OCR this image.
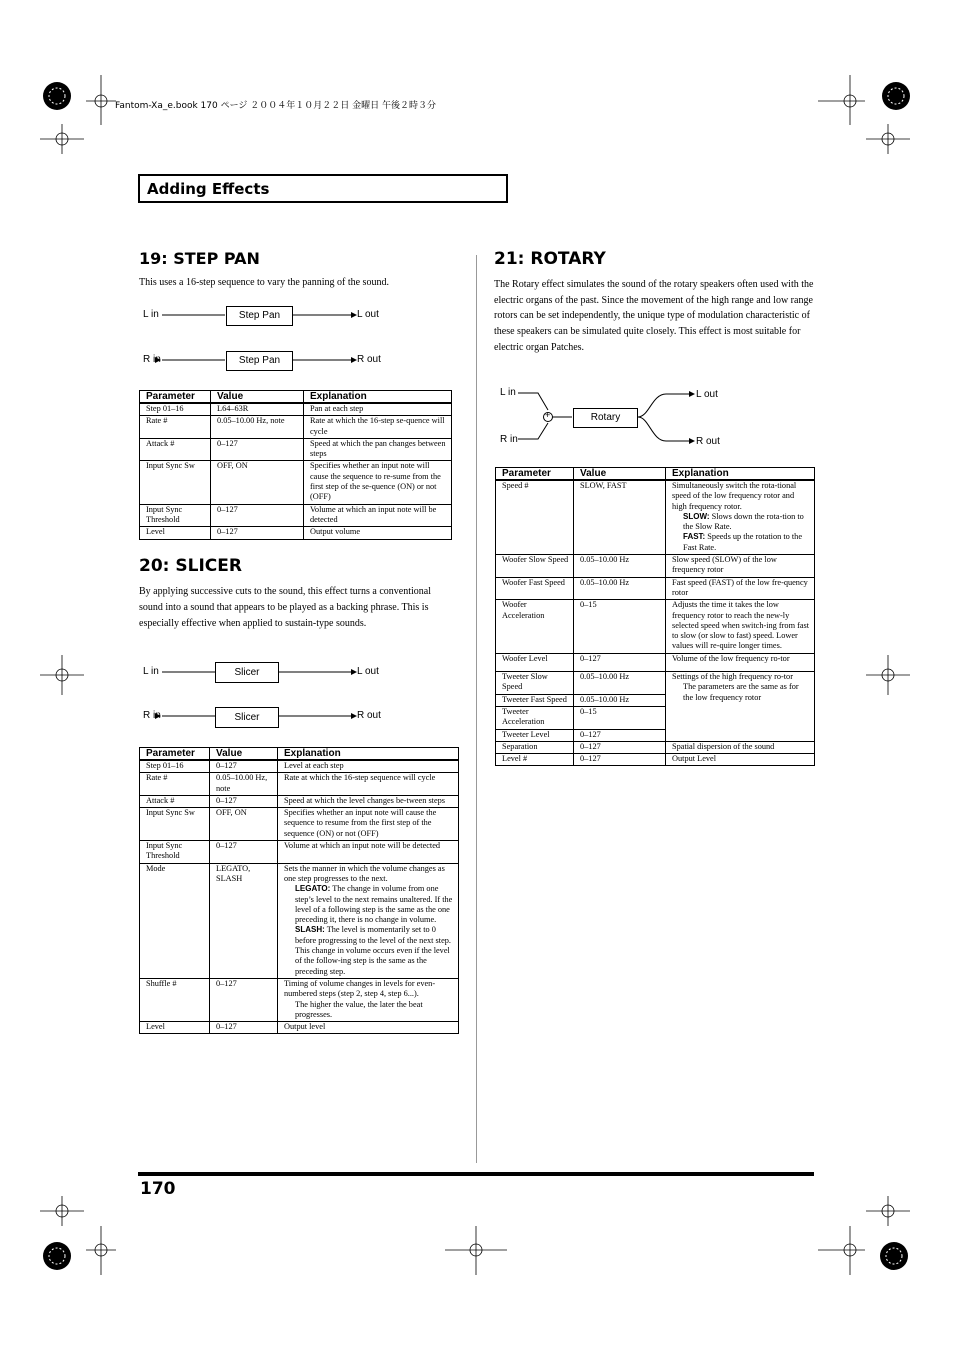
Fantom-Xa_e.book 170 ページ ２００４年１０月２２日 金曜日 午後２時３分
Adding Effects
19: STEP PAN
This uses a 16-step sequence to vary the panning of the sound.
L in	Step Pan	L out
R in	Step Pan	R out
Parameter	Value	Explanation
Step 01–16	L64–63R	Pan at each step
Rate #	0.05–10.00 Hz, note	Rate at which the 16-step se-quence will cycle
Attack #	0–127	Speed at which the pan changes between steps
Input Sync Sw	OFF, ON	Specifies whether an input note will cause the sequence to re-sume from the first step of the se-quence (ON) or not (OFF)
Input Sync Threshold	0–127	Volume at which an input note will be detected
Level	0–127	Output volume
20: SLICER
By applying successive cuts to the sound, this effect turns a conventional sound into a sound that appears to be played as a backing phrase. This is especially effective when applied to sustain-type sounds.
L in	Slicer	L out
R in	Slicer	R out
Parameter	Value	Explanation
Step 01–16	0–127	Level at each step
Rate #	0.05–10.00 Hz, note	Rate at which the 16-step sequence will cycle
Attack #	0–127	Speed at which the level changes be-tween steps
Input Sync Sw	OFF, ON	Specifies whether an input note will cause the sequence to resume from the first step of the sequence (ON) or not (OFF)
Input Sync Threshold	0–127	Volume at which an input note will be detected
Mode	LEGATO, SLASH	Sets the manner in which the volume changes as one step progresses to the next.
LEGATO: The change in volume from one step’s level to the next remains unaltered. If the level of a following step is the same as the one preceding it, there is no change in volume.
SLASH: The level is momentarily set to 0 before progressing to the level of the next step. This change in volume occurs even if the level of the follow-ing step is the same as the preceding step.

Shuffle #	0–127	Timing of volume changes in levels for even-numbered steps (step 2, step 4, step 6...).
The higher the value, the later the beat progresses.

Level	0–127	Output level
21: ROTARY
The Rotary effect simulates the sound of the rotary speakers often used with the electric organs of the past. Since the movement of the high range and low range rotors can be set independently, the unique type of modulation characteristic of these speakers can be simulated quite closely. This effect is most suitable for electric organ Patches.
+
L in
R in
Rotary
L out
R out
Parameter	Value	Explanation
Speed #	SLOW, FAST	Simultaneously switch the rota-tional speed of the low frequency rotor and high frequency rotor.
SLOW: Slows down the rota-tion to the Slow Rate.
FAST: Speeds up the rotation to the Fast Rate.

Woofer Slow Speed	0.05–10.00 Hz	Slow speed (SLOW) of the low frequency rotor
Woofer Fast Speed	0.05–10.00 Hz	Fast speed (FAST) of the low fre-quency rotor
Woofer Acceleration	0–15	Adjusts the time it takes the low frequency rotor to reach the new-ly selected speed when switch-ing from fast to slow (or slow to fast) speed. Lower values will re-quire longer times.
Woofer Level	0–127	Volume of the low frequency ro-tor
Tweeter Slow Speed	0.05–10.00 Hz	Settings of the high frequency ro-tor
The parameters are the same as for the low frequency rotor

Tweeter Fast Speed	0.05–10.00 Hz	
Tweeter Acceleration	0–15	
Tweeter Level	0–127	
Separation	0–127	Spatial dispersion of the sound
Level #	0–127	Output Level
170
